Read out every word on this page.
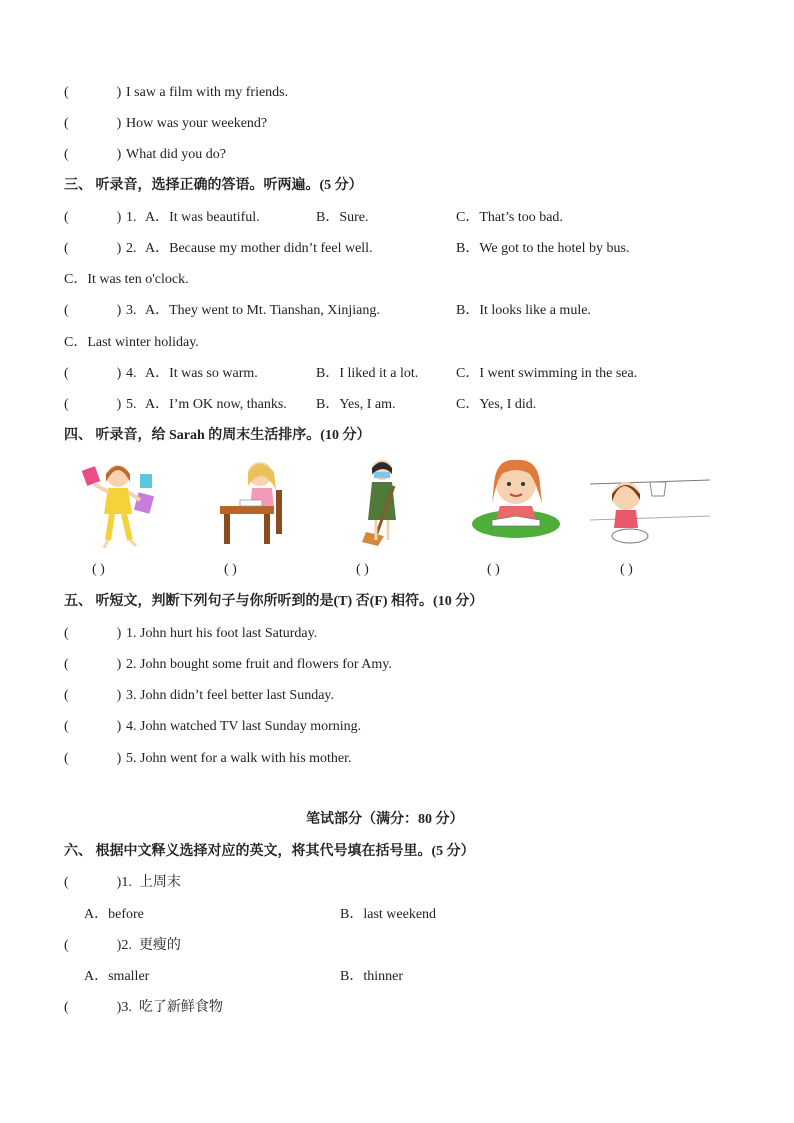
(	) I saw a film with my friends.
(	) How was your weekend?
(	) What did you do?
三、 听录音，选择正确的答语。听两遍。(5 分）
(	) 1. A．It was beautiful.	B．Sure.	C．That’s too bad.
(	) 2. A．Because my mother didn’t feel well.	B．We got to the hotel by bus.
C．It was ten o'clock.
(	) 3. A．They went to Mt. Tianshan, Xinjiang.	B．It looks like a mule.
C．Last winter holiday.
(	) 4. A．It was so warm.	B．I liked it a lot.	C．I went swimming in the sea.
(	) 5. A．I’m OK now, thanks. B．Yes, I am.	C．Yes, I did.
四、 听录音，给 Sarah 的周末生活排序。(10 分）
( )	( )	( )	( )	( )
五、 听短文，判断下列句子与你所听到的是(T) 否(F) 相符。(10 分）
(	) 1. John hurt his foot last Saturday.
(	) 2. John bought some fruit and flowers for Amy.
(	) 3. John didn’t feel better last Sunday.
(	) 4. John watched TV last Sunday morning.
(	) 5. John went for a walk with his mother.
笔试部分（满分：80 分）
六、 根据中文释义选择对应的英文，将其代号填在括号里。(5 分）
(	)1. 上周末
A．before	B．last weekend
(	)2. 更瘦的
A．smaller	B．thinner
(	)3. 吃了新鲜食物
